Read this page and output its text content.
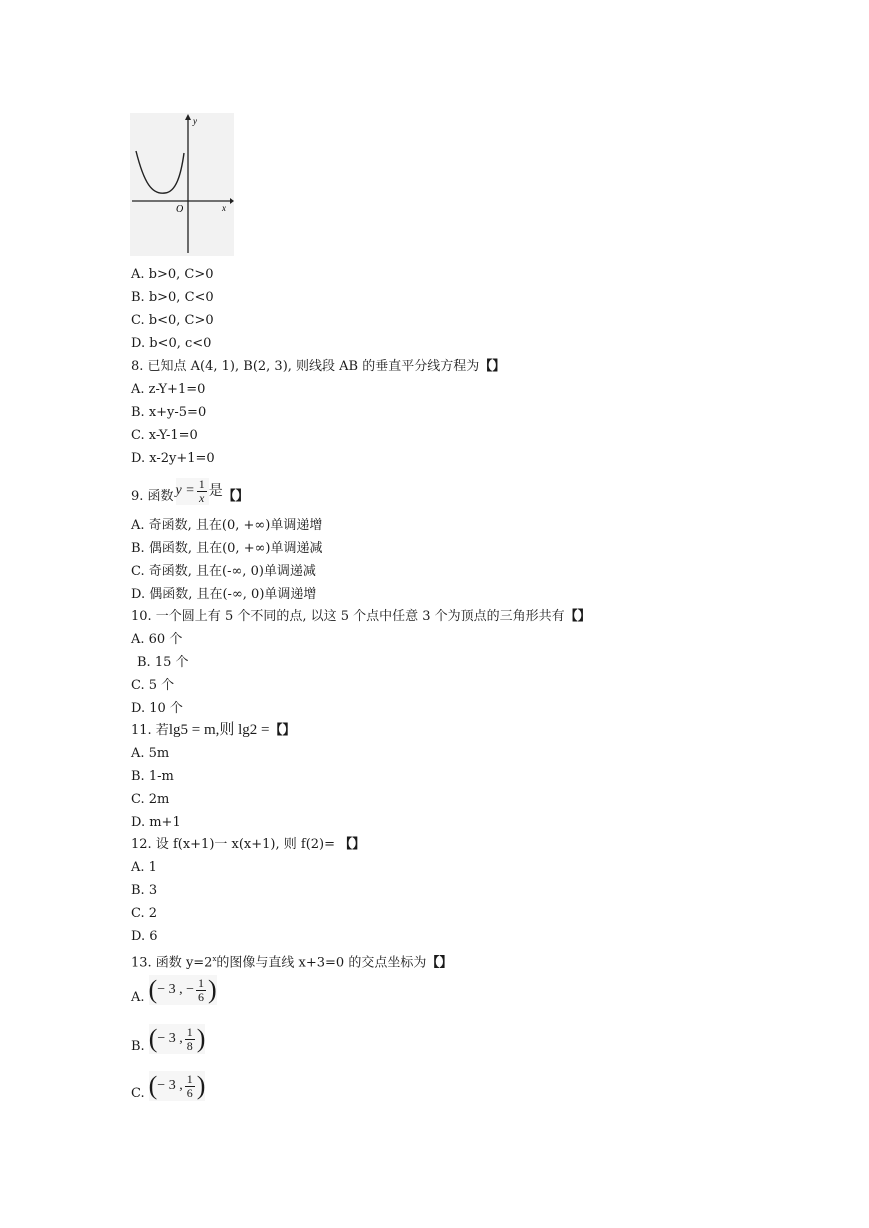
y
x
O
A. b>0, C>0
B. b>0, C<0
C. b<0, C>0
D. b<0, c<0
8. 已知点 A(4, 1), B(2, 3), 则线段 AB 的垂直平分线方程为【】
A. z-Y+1=0
B. x+y-5=0
C. x-Y-1=0
D. x-2y+1=0
9. 函数 $y = \frac{1}{x}$ 是 【】
A. 奇函数, 且在(0, +∞)单调递增
B. 偶函数, 且在(0, +∞)单调递减
C. 奇函数, 且在(-∞, 0)单调递减
D. 偶函数, 且在(-∞, 0)单调递增
10. 一个圆上有 5 个不同的点, 以这 5 个点中任意 3 个为顶点的三角形共有【】
A. 60 个
B. 15 个
C. 5 个
D. 10 个
11. 若lg5 = m,则 lg2 =【】
A. 5m
B. 1-m
C. 2m
D. m+1
12. 设 f(x+1)一 x(x+1), 则 f(2)= 【】
A. 1
B. 3
C. 2
D. 6
13. 函数 $y=2^x$的图像与直线 x+3=0 的交点坐标为【】
A. ( − 3 , − $\frac{1}{6}$ )
B. ( − 3 , $\frac{1}{8}$ )
C. ( − 3 , $\frac{1}{6}$ )
